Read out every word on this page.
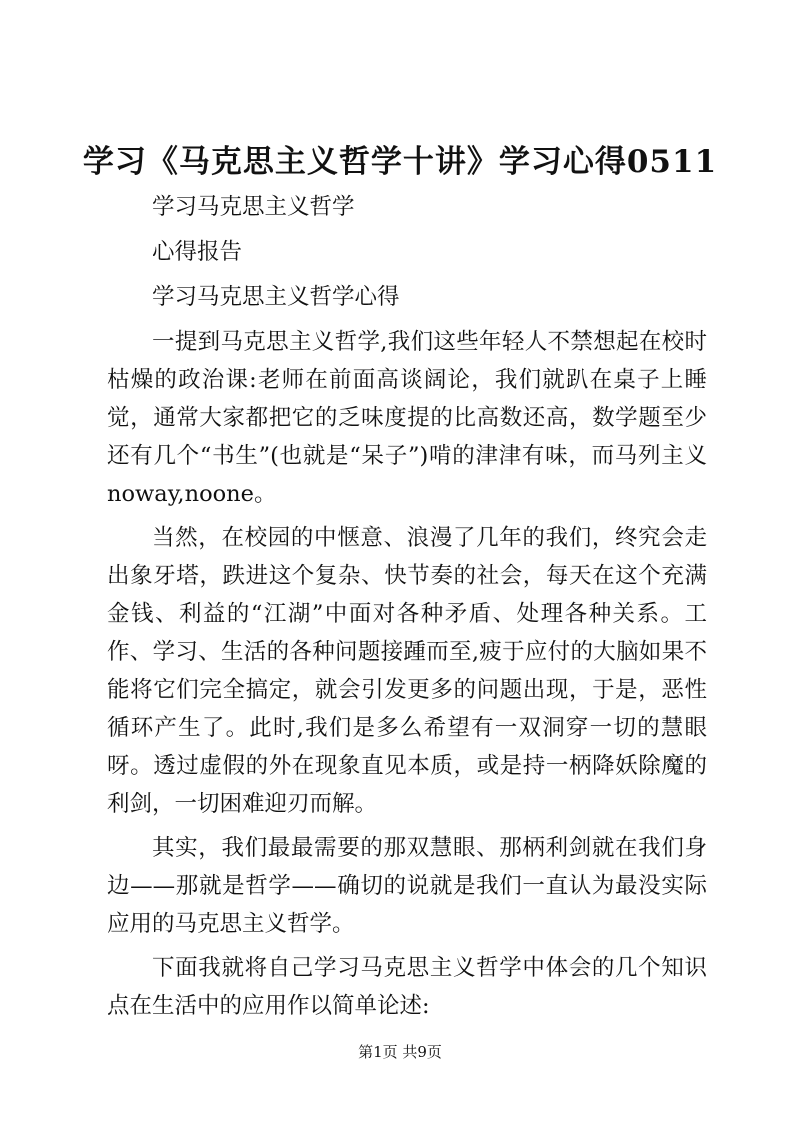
学习《马克思主义哲学十讲》学习心得0511

学习马克思主义哲学

心得报告

学习马克思主义哲学心得

一提到马克思主义哲学,我们这些年轻人不禁想起在校时枯燥的政治课:老师在前面高谈阔论，我们就趴在桌子上睡觉，通常大家都把它的乏味度提的比高数还高，数学题至少还有几个“书生”(也就是“呆子”)啃的津津有味，而马列主义noway,noone。

当然，在校园的中惬意、浪漫了几年的我们，终究会走出象牙塔，跌进这个复杂、快节奏的社会，每天在这个充满金钱、利益的“江湖”中面对各种矛盾、处理各种关系。工作、学习、生活的各种问题接踵而至,疲于应付的大脑如果不能将它们完全搞定，就会引发更多的问题出现，于是，恶性循环产生了。此时,我们是多么希望有一双洞穿一切的慧眼呀。透过虚假的外在现象直见本质，或是持一柄降妖除魔的利剑，一切困难迎刃而解。

其实，我们最最需要的那双慧眼、那柄利剑就在我们身边——那就是哲学——确切的说就是我们一直认为最没实际应用的马克思主义哲学。

下面我就将自己学习马克思主义哲学中体会的几个知识点在生活中的应用作以简单论述:

第1页 共9页
